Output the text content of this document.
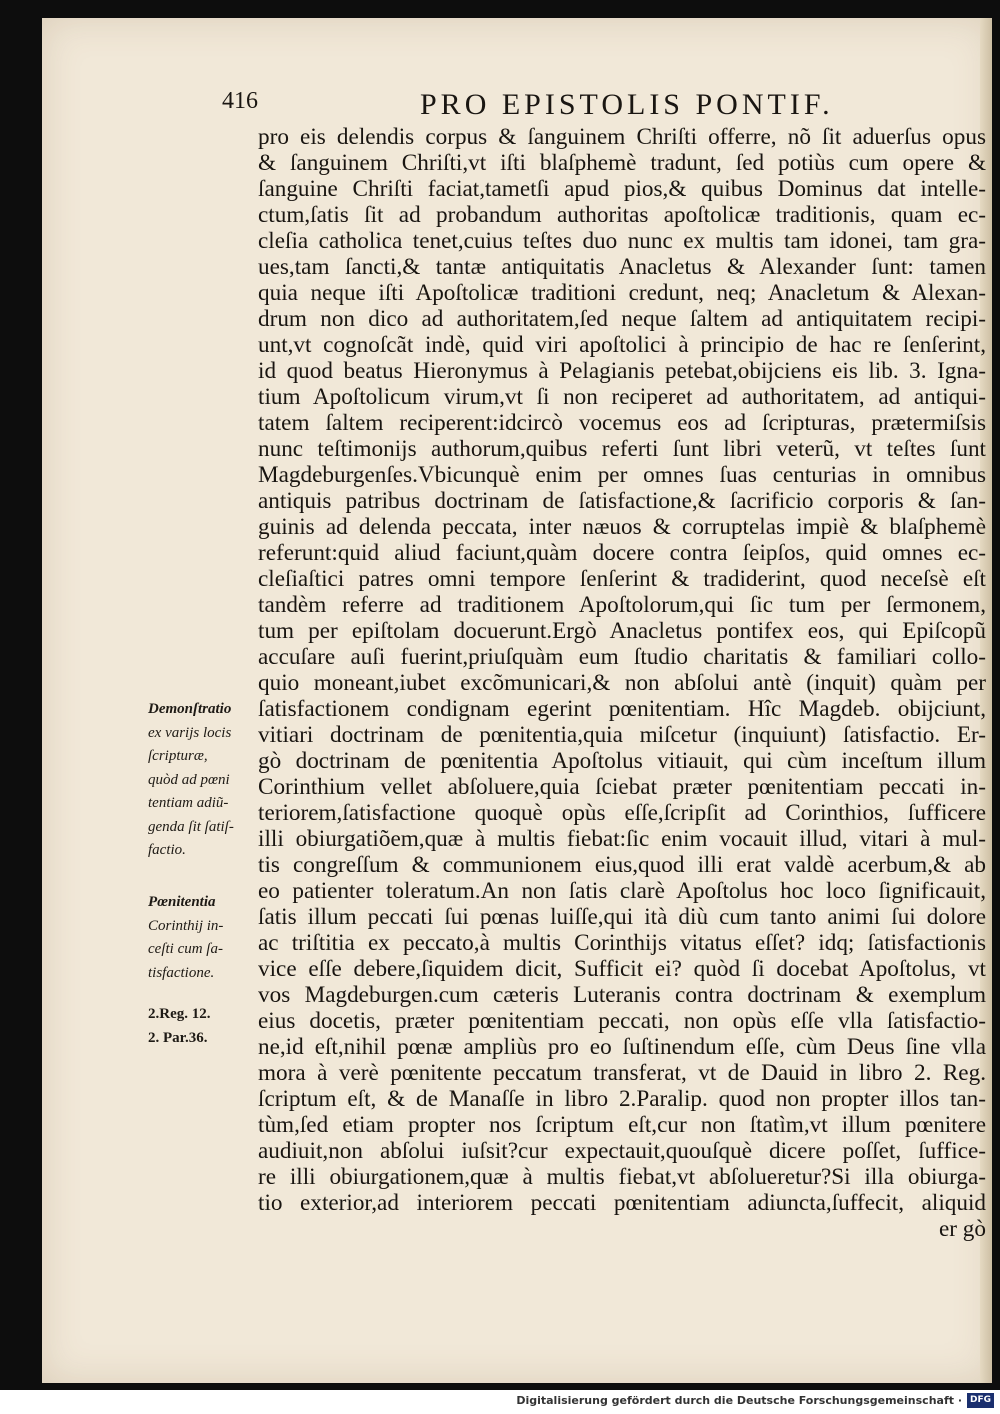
416	PRO EPISTOLIS PONTIF.
pro eis delendis corpus & ſanguinem Chriſti offerre, nõ ſit aduerſus opus
& ſanguinem Chriſti,vt iſti blaſphemè tradunt, ſed potiùs cum opere &
ſanguine Chriſti faciat,tametſi apud pios,& quibus Dominus dat intelle-
ctum,ſatis ſit ad probandum authoritas apoſtolicæ traditionis, quam ec-
cleſia catholica tenet,cuius teſtes duo nunc ex multis tam idonei, tam gra-
ues,tam ſancti,& tantæ antiquitatis Anacletus & Alexander ſunt: tamen
quia neque iſti Apoſtolicæ traditioni credunt, neq; Anacletum & Alexan-
drum non dico ad authoritatem,ſed neque ſaltem ad antiquitatem recipi-
unt,vt cognoſcãt indè, quid viri apoſtolici à principio de hac re ſenſerint,
id quod beatus Hieronymus à Pelagianis petebat,obijciens eis lib. 3. Igna-
tium Apoſtolicum virum,vt ſi non reciperet ad authoritatem, ad antiqui-
tatem ſaltem reciperent:idcircò vocemus eos ad ſcripturas, prætermiſsis
nunc teſtimonijs authorum,quibus referti ſunt libri veterũ, vt teſtes ſunt
Magdeburgenſes.Vbicunquè enim per omnes ſuas centurias in omnibus
antiquis patribus doctrinam de ſatisfactione,& ſacrificio corporis & ſan-
guinis ad delenda peccata, inter næuos & corruptelas impiè & blaſphemè
referunt:quid aliud faciunt,quàm docere contra ſeipſos, quid omnes ec-
cleſiaſtici patres omni tempore ſenſerint & tradiderint, quod neceſsè eſt
tandèm referre ad traditionem Apoſtolorum,qui ſic tum per ſermonem,
tum per epiſtolam docuerunt.Ergò Anacletus pontifex eos, qui Epiſcopũ
accuſare auſi fuerint,priuſquàm eum ſtudio charitatis & familiari collo-
quio moneant,iubet excõmunicari,& non abſolui antè (inquit) quàm per
ſatisfactionem condignam egerint pœnitentiam. Hîc Magdeb. obijciunt,
vitiari doctrinam de pœnitentia,quia miſcetur (inquiunt) ſatisfactio. Er-
gò doctrinam de pœnitentia Apoſtolus vitiauit, qui cùm inceſtum illum
Corinthium vellet abſoluere,quia ſciebat præter pœnitentiam peccati in-
teriorem,ſatisfactione quoquè opùs eſſe,ſcripſit ad Corinthios, ſufficere
illi obiurgatiõem,quæ à multis fiebat:ſic enim vocauit illud, vitari à mul-
tis congreſſum & communionem eius,quod illi erat valdè acerbum,& ab
eo patienter toleratum.An non ſatis clarè Apoſtolus hoc loco ſignificauit,
ſatis illum peccati ſui pœnas luiſſe,qui ità diù cum tanto animi ſui dolore
ac triſtitia ex peccato,à multis Corinthijs vitatus eſſet? idq; ſatisfactionis
vice eſſe debere,ſiquidem dicit, Sufficit ei? quòd ſi docebat Apoſtolus, vt
vos Magdeburgen.cum cæteris Luteranis contra doctrinam & exemplum
eius docetis, præter pœnitentiam peccati, non opùs eſſe vlla ſatisfactio-
ne,id eſt,nihil pœnæ ampliùs pro eo ſuſtinendum eſſe, cùm Deus ſine vlla
mora à verè pœnitente peccatum transferat, vt de Dauid in libro 2. Reg.
ſcriptum eſt, & de Manaſſe in libro 2.Paralip. quod non propter illos tan-
tùm,ſed etiam propter nos ſcriptum eſt,cur non ſtatìm,vt illum pœnitere
audiuit,non abſolui iuſsit?cur expectauit,quouſquè dicere poſſet, ſuffice-
re illi obiurgationem,quæ à multis fiebat,vt abſolueretur?Si illa obiurga-
tio exterior,ad interiorem peccati pœnitentiam adiuncta,ſuffecit, aliquid
er gò
Demonſtratio
ex varijs locis
ſcripturæ,
quòd ad pœni
tentiam adiũ-
genda ſit ſatiſ-
factio.
Pœnitentia
Corinthij in-
ceſti cum ſa-
tisfactione.
2.Reg. 12.
2. Par.36.
Digitalisierung gefördert durch die Deutsche Forschungsgemeinschaft · DFG
